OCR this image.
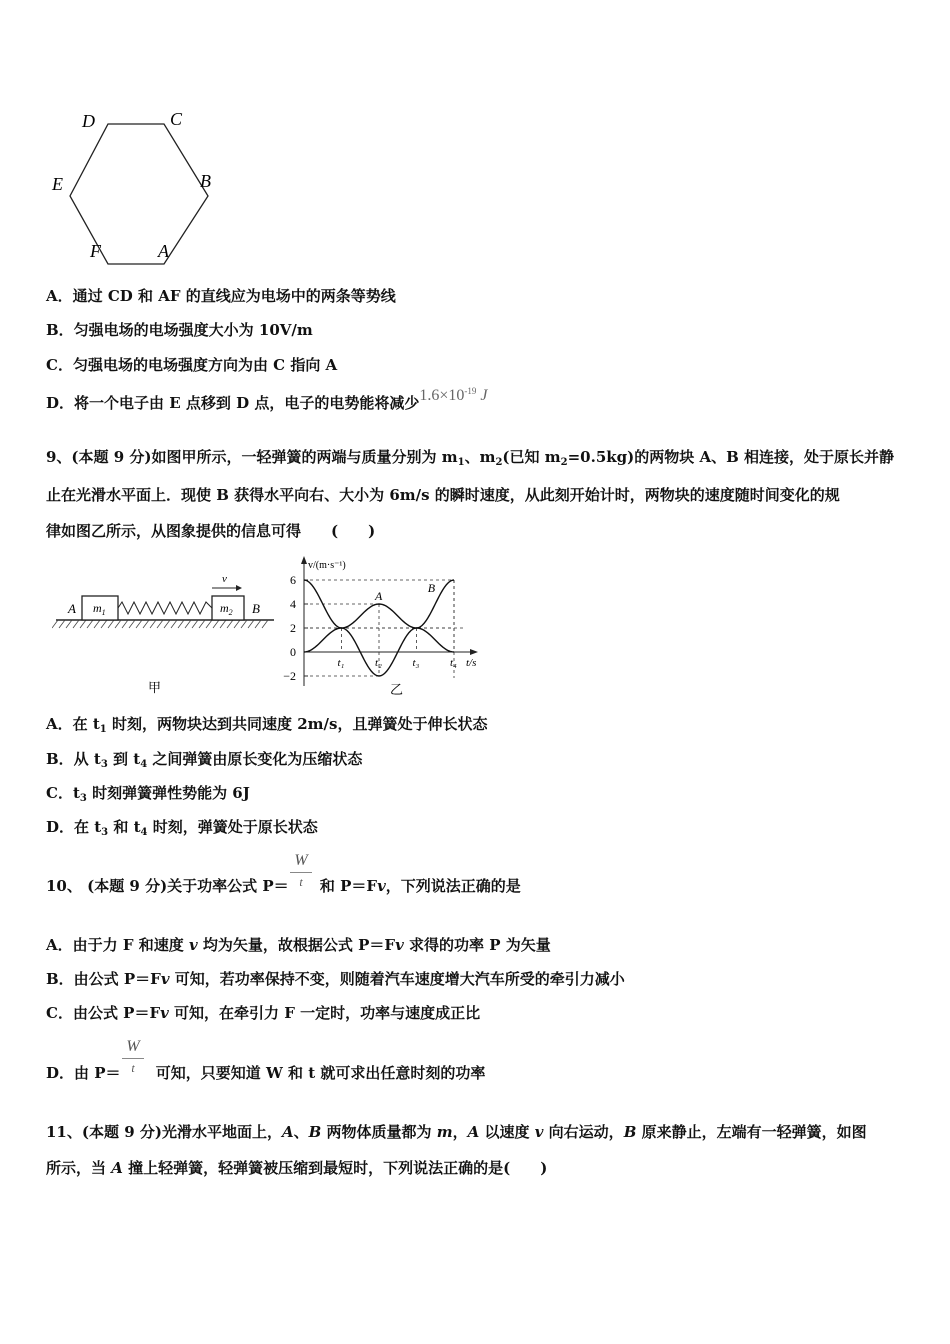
D	C
E	B
F	A
A．通过 CD 和 AF 的直线应为电场中的两条等势线
B．匀强电场的电场强度大小为 10V/m
C．匀强电场的电场强度方向为由 C 指向 A
D．将一个电子由 E 点移到 D 点，电子的电势能将减少$1.6\times 10^{-19}$ J
9、(本题 9 分)如图甲所示，一轻弹簧的两端与质量分别为 $m_1$、$m_2$(已知 $m_2=0.5kg$)的两物块 A、B 相连接，处于原长并静
止在光滑水平面上．现使 B 获得水平向右、大小为 6m/s 的瞬时速度，从此刻开始计时，两物块的速度随时间变化的规
律如图乙所示，从图象提供的信息可得　　(　　)
A	B
$m_1$	$m_2$
v
甲
v/(m·s⁻¹)
t/s
6
4
2
0
−2
t₁	t₂	t₃	t₄
A
B
乙
A．在 $t_1$ 时刻，两物块达到共同速度 2m/s，且弹簧处于伸长状态
B．从 $t_3$ 到 $t_4$ 之间弹簧由原长变化为压缩状态
C．$t_3$ 时刻弹簧弹性势能为 6J
D．在 $t_3$ 和 $t_4$ 时刻，弹簧处于原长状态
10、 (本题 9 分)关于功率公式 P＝ 和 P＝Fv，下列说法正确的是
W
t
A．由于力 F 和速度 v 均为矢量，故根据公式 P＝Fv 求得的功率 P 为矢量
B．由公式 P＝Fv 可知，若功率保持不变，则随着汽车速度增大汽车所受的牵引力减小
C．由公式 P＝Fv 可知，在牵引力 F 一定时，功率与速度成正比
D．由 P＝ 可知，只要知道 W 和 t 就可求出任意时刻的功率
W
t
11、(本题 9 分)光滑水平地面上，A、B 两物体质量都为 m，A 以速度 v 向右运动，B 原来静止，左端有一轻弹簧，如图
所示，当 A 撞上轻弹簧，轻弹簧被压缩到最短时，下列说法正确的是(　　)
